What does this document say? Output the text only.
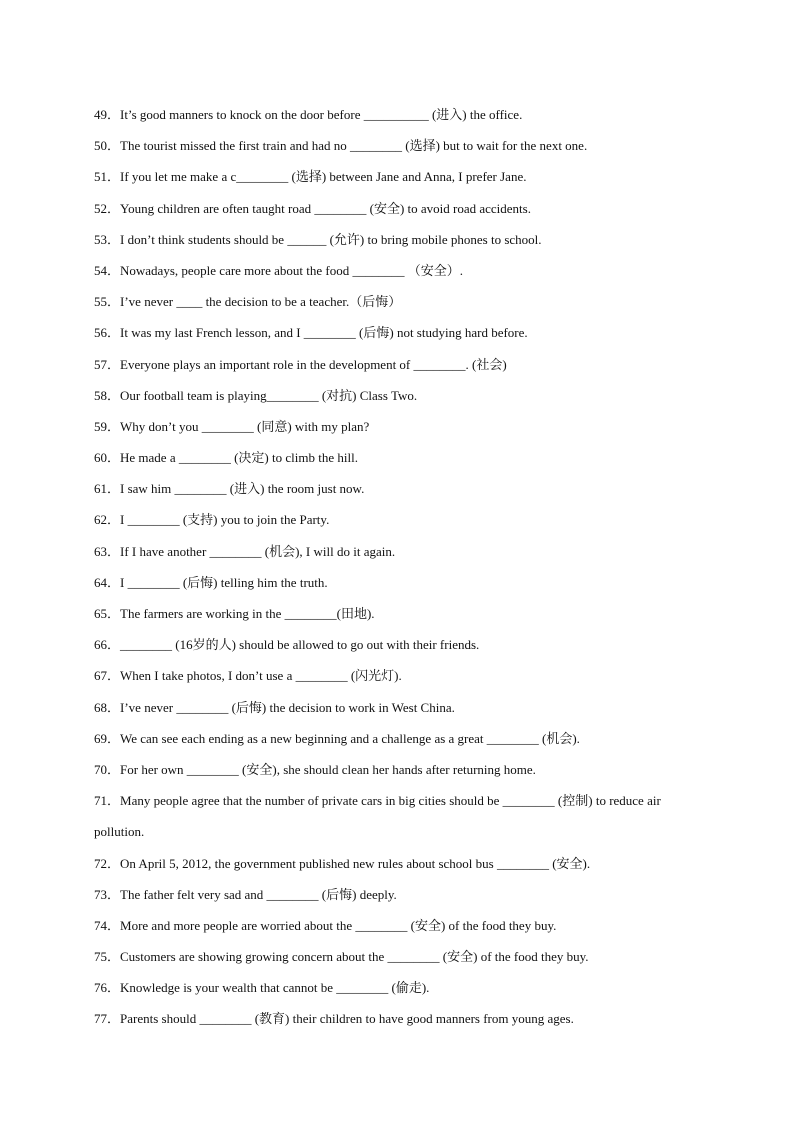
49．It’s good manners to knock on the door before __________ (进入) the office.
50．The tourist missed the first train and had no ________ (选择) but to wait for the next one.
51．If you let me make a c________ (选择) between Jane and Anna, I prefer Jane.
52．Young children are often taught road ________ (安全) to avoid road accidents.
53．I don’t think students should be ______ (允许) to bring mobile phones to school.
54．Nowadays, people care more about the food ________ （安全）.
55．I’ve never ____ the decision to be a teacher.（后悔）
56．It was my last French lesson, and I ________ (后悔) not studying hard before.
57．Everyone plays an important role in the development of ________. (社会)
58．Our football team is playing________ (对抗) Class Two.
59．Why don’t you ________ (同意) with my plan?
60．He made a ________ (决定) to climb the hill.
61．I saw him ________ (进入) the room just now.
62．I ________ (支持) you to join the Party.
63．If I have another ________ (机会), I will do it again.
64．I ________ (后悔) telling him the truth.
65．The farmers are working in the ________(田地).
66．________ (16岁的人) should be allowed to go out with their friends.
67．When I take photos, I don’t use a ________ (闪光灯).
68．I’ve never ________ (后悔) the decision to work in West China.
69．We can see each ending as a new beginning and a challenge as a great ________ (机会).
70．For her own ________ (安全), she should clean her hands after returning home.
71．Many people agree that the number of private cars in big cities should be ________ (控制) to reduce air pollution.
72．On April 5, 2012, the government published new rules about school bus ________ (安全).
73．The father felt very sad and ________ (后悔) deeply.
74．More and more people are worried about the ________ (安全) of the food they buy.
75．Customers are showing growing concern about the ________ (安全) of the food they buy.
76．Knowledge is your wealth that cannot be ________ (偷走).
77．Parents should ________ (教育) their children to have good manners from young ages.
